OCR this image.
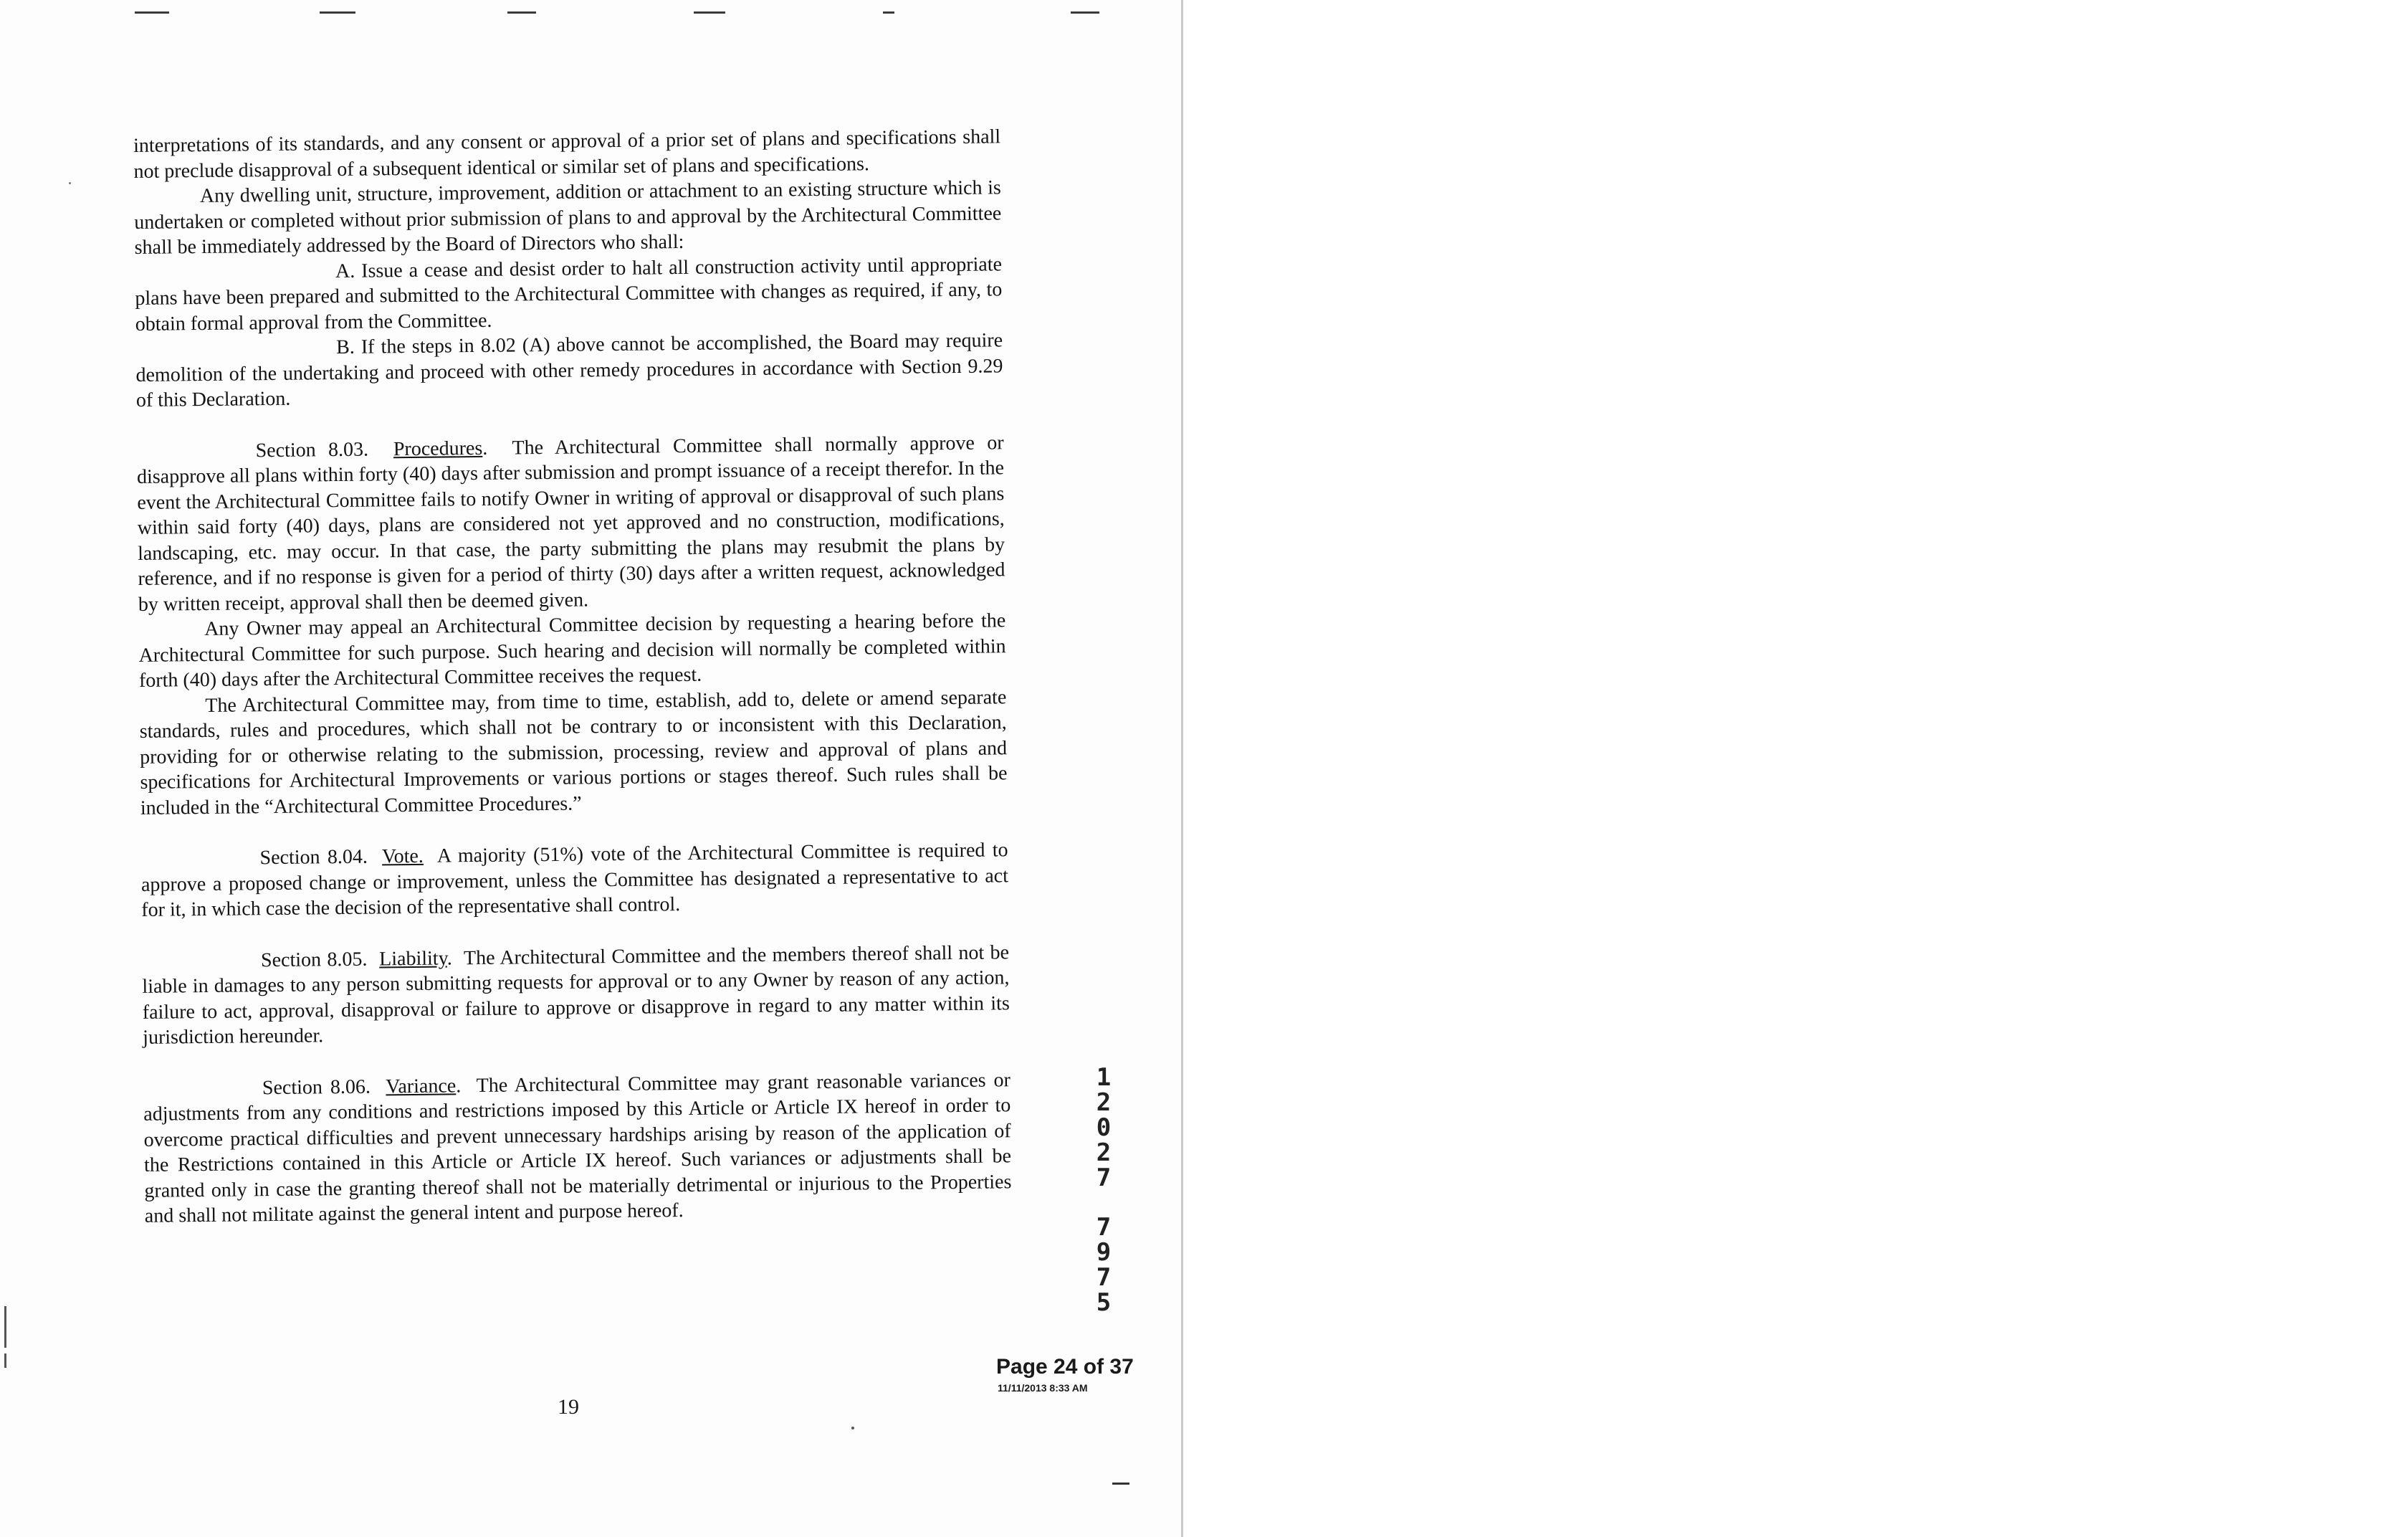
interpretations of its standards, and any consent or approval of a prior set of plans and specifications shall not preclude disapproval of a subsequent identical or similar set of plans and specifications.

Any dwelling unit, structure, improvement, addition or attachment to an existing structure which is undertaken or completed without prior submission of plans to and approval by the Architectural Committee shall be immediately addressed by the Board of Directors who shall:

A. Issue a cease and desist order to halt all construction activity until appropriate plans have been prepared and submitted to the Architectural Committee with changes as required, if any, to obtain formal approval from the Committee.

B. If the steps in 8.02 (A) above cannot be accomplished, the Board may require demolition of the undertaking and proceed with other remedy procedures in accordance with Section 9.29 of this Declaration.

Section 8.03. Procedures. The Architectural Committee shall normally approve or disapprove all plans within forty (40) days after submission and prompt issuance of a receipt therefor. In the event the Architectural Committee fails to notify Owner in writing of approval or disapproval of such plans within said forty (40) days, plans are considered not yet approved and no construction, modifications, landscaping, etc. may occur. In that case, the party submitting the plans may resubmit the plans by reference, and if no response is given for a period of thirty (30) days after a written request, acknowledged by written receipt, approval shall then be deemed given.

Any Owner may appeal an Architectural Committee decision by requesting a hearing before the Architectural Committee for such purpose. Such hearing and decision will normally be completed within forth (40) days after the Architectural Committee receives the request.

The Architectural Committee may, from time to time, establish, add to, delete or amend separate standards, rules and procedures, which shall not be contrary to or inconsistent with this Declaration, providing for or otherwise relating to the submission, processing, review and approval of plans and specifications for Architectural Improvements or various portions or stages thereof. Such rules shall be included in the “Architectural Committee Procedures.”

Section 8.04. Vote. A majority (51%) vote of the Architectural Committee is required to approve a proposed change or improvement, unless the Committee has designated a representative to act for it, in which case the decision of the representative shall control.

Section 8.05. Liability. The Architectural Committee and the members thereof shall not be liable in damages to any person submitting requests for approval or to any Owner by reason of any action, failure to act, approval, disapproval or failure to approve or disapprove in regard to any matter within its jurisdiction hereunder.

Section 8.06. Variance. The Architectural Committee may grant reasonable variances or adjustments from any conditions and restrictions imposed by this Article or Article IX hereof in order to overcome practical difficulties and prevent unnecessary hardships arising by reason of the application of the Restrictions contained in this Article or Article IX hereof. Such variances or adjustments shall be granted only in case the granting thereof shall not be materially detrimental or injurious to the Properties and shall not militate against the general intent and purpose hereof.

1
2
0
2
7
7
9
7
5
Page 24 of 37
11/11/2013 8:33 AM
19
